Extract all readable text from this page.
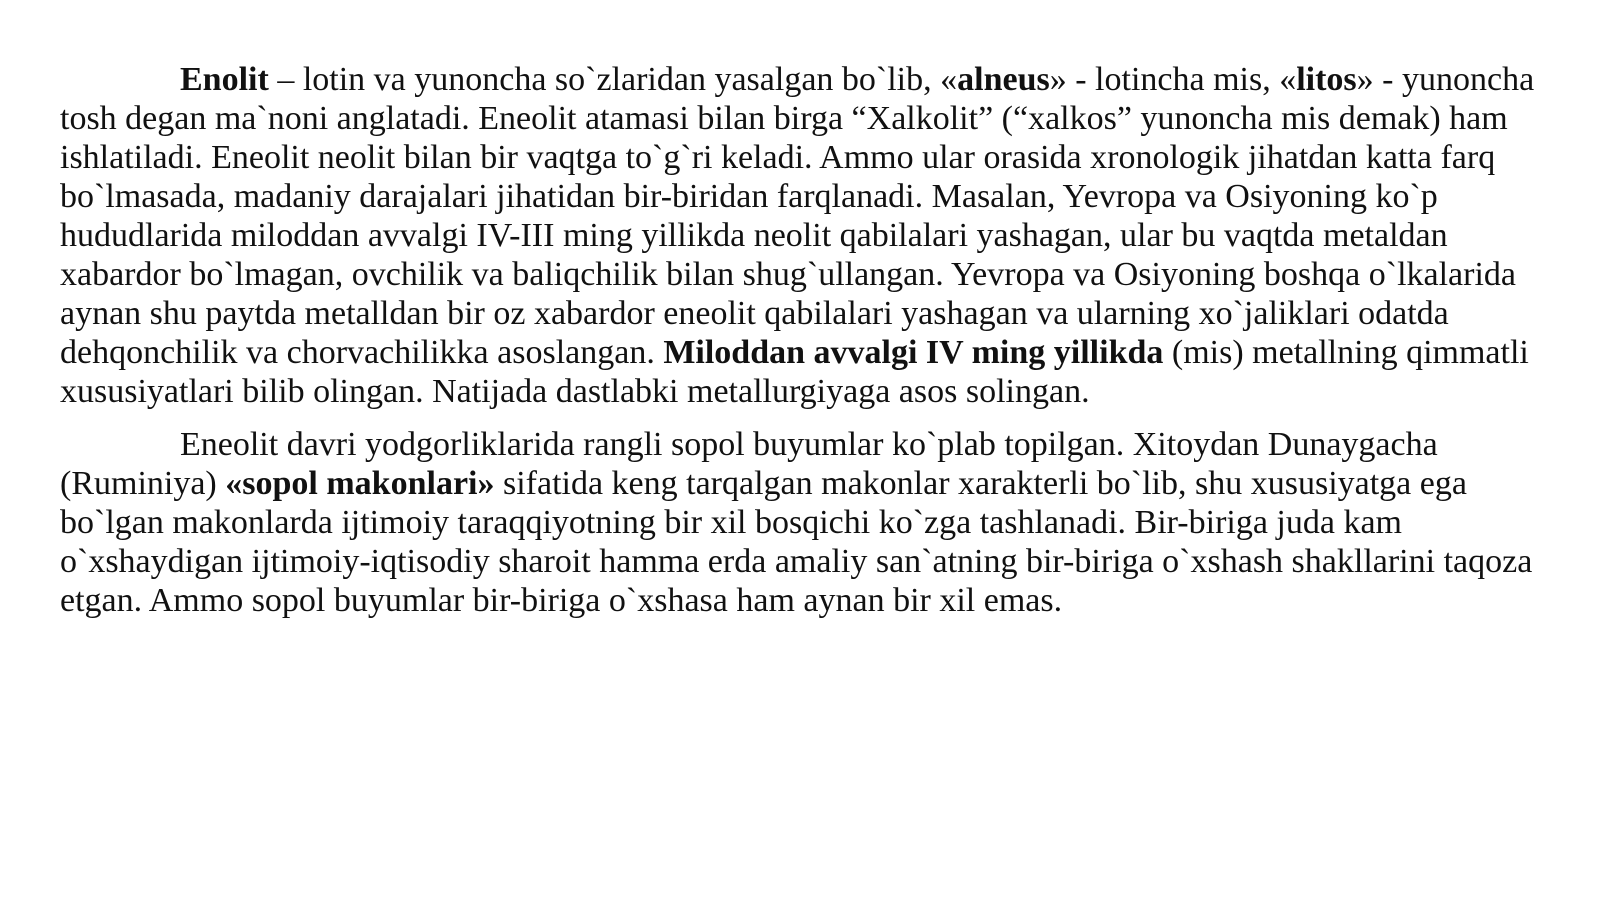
Enolit – lotin va yunoncha so`zlaridan yasalgan bo`lib, «alneus» - lotincha mis, «litos» - yunoncha tosh degan ma`noni anglatadi. Eneolit atamasi bilan birga “Xalkolit” (“xalkos” yunoncha mis demak) ham ishlatiladi. Eneolit neolit bilan bir vaqtga to`g`ri keladi. Ammo ular orasida xronologik jihatdan katta farq bo`lmasada, madaniy darajalari jihatidan bir-biridan farqlanadi. Masalan, Yevropa va Osiyoning ko`p hududlarida miloddan avvalgi IV-III ming yillikda neolit qabilalari yashagan, ular bu vaqtda metaldan xabardor bo`lmagan, ovchilik va baliqchilik bilan shug`ullangan. Yevropa va Osiyoning boshqa o`lkalarida aynan shu paytda metalldan bir oz xabardor eneolit qabilalari yashagan va ularning xo`jaliklari odatda dehqonchilik va chorvachilikka asoslangan. Miloddan avvalgi IV ming yillikda (mis) metallning qimmatli xususiyatlari bilib olingan. Natijada dastlabki metallurgiyaga asos solingan.

Eneolit davri yodgorliklarida rangli sopol buyumlar ko`plab topilgan. Xitoydan Dunaygacha (Ruminiya) «sopol makonlari» sifatida keng tarqalgan makonlar xarakterli bo`lib, shu xususiyatga ega bo`lgan makonlarda ijtimoiy taraqqiyotning bir xil bosqichi ko`zga tashlanadi. Bir-biriga juda kam o`xshaydigan ijtimoiy-iqtisodiy sharoit hamma erda amaliy san`atning bir-biriga o`xshash shakllarini taqoza etgan. Ammo sopol buyumlar bir-biriga o`xshasa ham aynan bir xil emas.
